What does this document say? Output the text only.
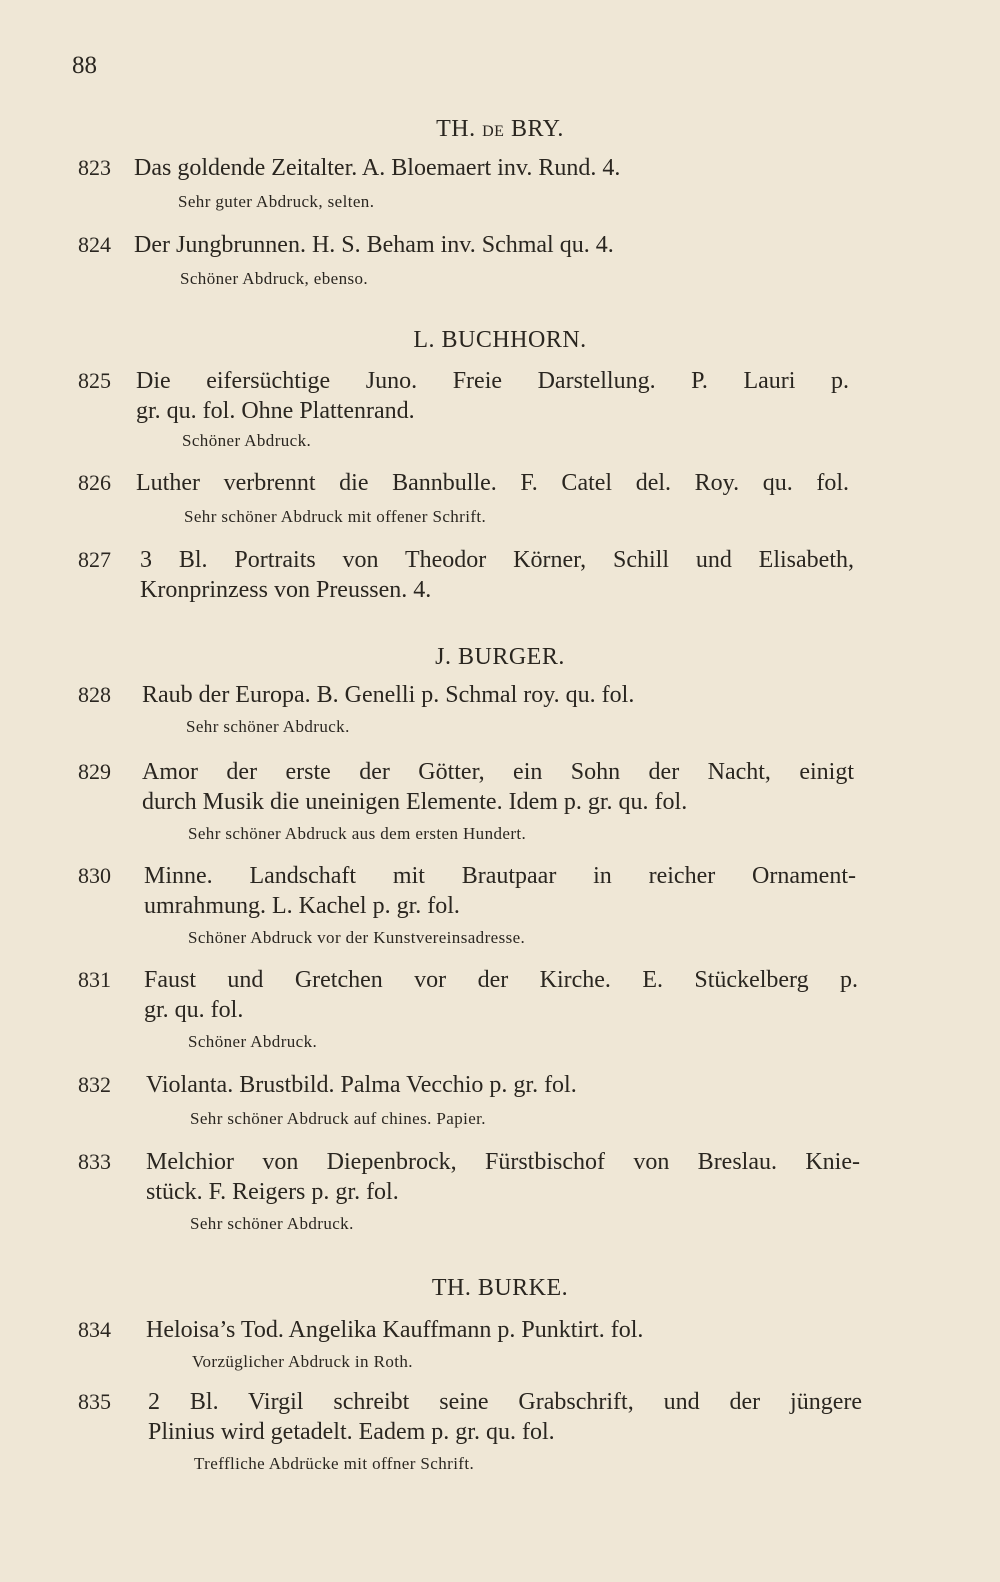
88
TH. DE BRY.
823 Das goldende Zeitalter. A. Bloemaert inv. Rund. 4.
Sehr guter Abdruck, selten.
824 Der Jungbrunnen. H. S. Beham inv. Schmal qu. 4.
Schöner Abdruck, ebenso.
L. BUCHHORN.
825 Die eifersüchtige Juno. Freie Darstellung. P. Lauri p.
gr. qu. fol. Ohne Plattenrand.
Schöner Abdruck.
826 Luther verbrennt die Bannbulle. F. Catel del. Roy. qu. fol.
Sehr schöner Abdruck mit offener Schrift.
827 3 Bl. Portraits von Theodor Körner, Schill und Elisabeth,
Kronprinzess von Preussen. 4.
J. BURGER.
828 Raub der Europa. B. Genelli p. Schmal roy. qu. fol.
Sehr schöner Abdruck.
829 Amor der erste der Götter, ein Sohn der Nacht, einigt
durch Musik die uneinigen Elemente. Idem p. gr. qu. fol.
Sehr schöner Abdruck aus dem ersten Hundert.
830 Minne. Landschaft mit Brautpaar in reicher Ornament-
umrahmung. L. Kachel p. gr. fol.
Schöner Abdruck vor der Kunstvereinsadresse.
831 Faust und Gretchen vor der Kirche. E. Stückelberg p.
gr. qu. fol.
Schöner Abdruck.
832 Violanta. Brustbild. Palma Vecchio p. gr. fol.
Sehr schöner Abdruck auf chines. Papier.
833 Melchior von Diepenbrock, Fürstbischof von Breslau. Knie-
stück. F. Reigers p. gr. fol.
Sehr schöner Abdruck.
TH. BURKE.
834 Heloisa’s Tod. Angelika Kauffmann p. Punktirt. fol.
Vorzüglicher Abdruck in Roth.
835 2 Bl. Virgil schreibt seine Grabschrift, und der jüngere
Plinius wird getadelt. Eadem p. gr. qu. fol.
Treffliche Abdrücke mit offner Schrift.
